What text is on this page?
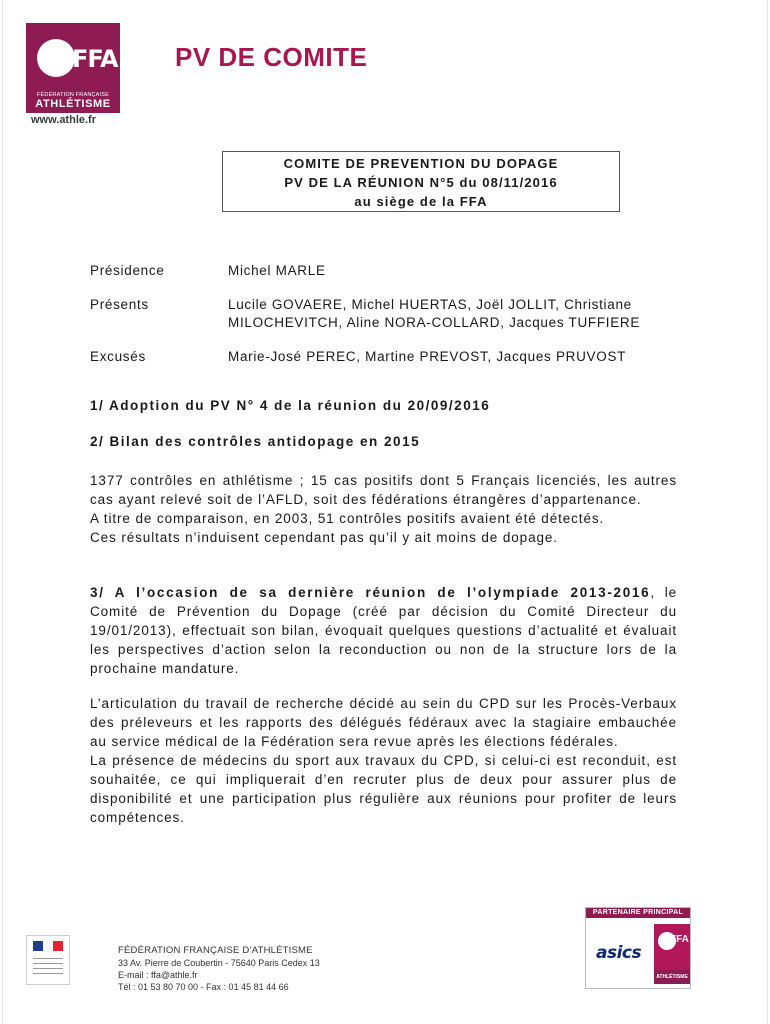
FFA
FÉDÉRATION FRANÇAISE
ATHLÉTISME
www.athle.fr
PV DE COMITE
COMITE DE PREVENTION DU DOPAGE
PV DE LA RÉUNION N°5 du 08/11/2016
au siège de la FFA
Présidence	Michel MARLE
Présents	Lucile GOVAERE, Michel HUERTAS, Joël JOLLIT, Christiane
MILOCHEVITCH, Aline NORA-COLLARD, Jacques TUFFIERE
Excusés	Marie-José PEREC, Martine PREVOST, Jacques PRUVOST
1/ Adoption du PV N° 4 de la réunion du 20/09/2016
2/ Bilan des contrôles antidopage en 2015

1377 contrôles en athlétisme ; 15 cas positifs dont 5 Français licenciés, les autres cas ayant relevé soit de l’AFLD, soit des fédérations étrangères d’appartenance.

A titre de comparaison, en 2003, 51 contrôles positifs avaient été détectés.

Ces résultats n’induisent cependant pas qu’il y ait moins de dopage.

3/ A l’occasion de sa dernière réunion de l’olympiade 2013-2016, le Comité de Prévention du Dopage (créé par décision du Comité Directeur du 19/01/2013), effectuait son bilan, évoquait quelques questions d’actualité et évaluait les perspectives d’action selon la reconduction ou non de la structure lors de la prochaine mandature.

L’articulation du travail de recherche décidé au sein du CPD sur les Procès-Verbaux des préleveurs et les rapports des délégués fédéraux avec la stagiaire embauchée au service médical de la Fédération sera revue après les élections fédérales.

La présence de médecins du sport aux travaux du CPD, si celui-ci est reconduit, est souhaitée, ce qui impliquerait d’en recruter plus de deux pour assurer plus de disponibilité et une participation plus régulière aux réunions pour profiter de leurs compétences.

FÉDÉRATION FRANÇAISE D’ATHLÉTISME
33 Av. Pierre de Coubertin - 75640 Paris Cedex 13
E-mail : ffa@athle.fr
Tél : 01 53 80 70 00 - Fax : 01 45 81 44 66
PARTENAIRE PRINCIPAL
asics
FFA
ATHLÉTISME
